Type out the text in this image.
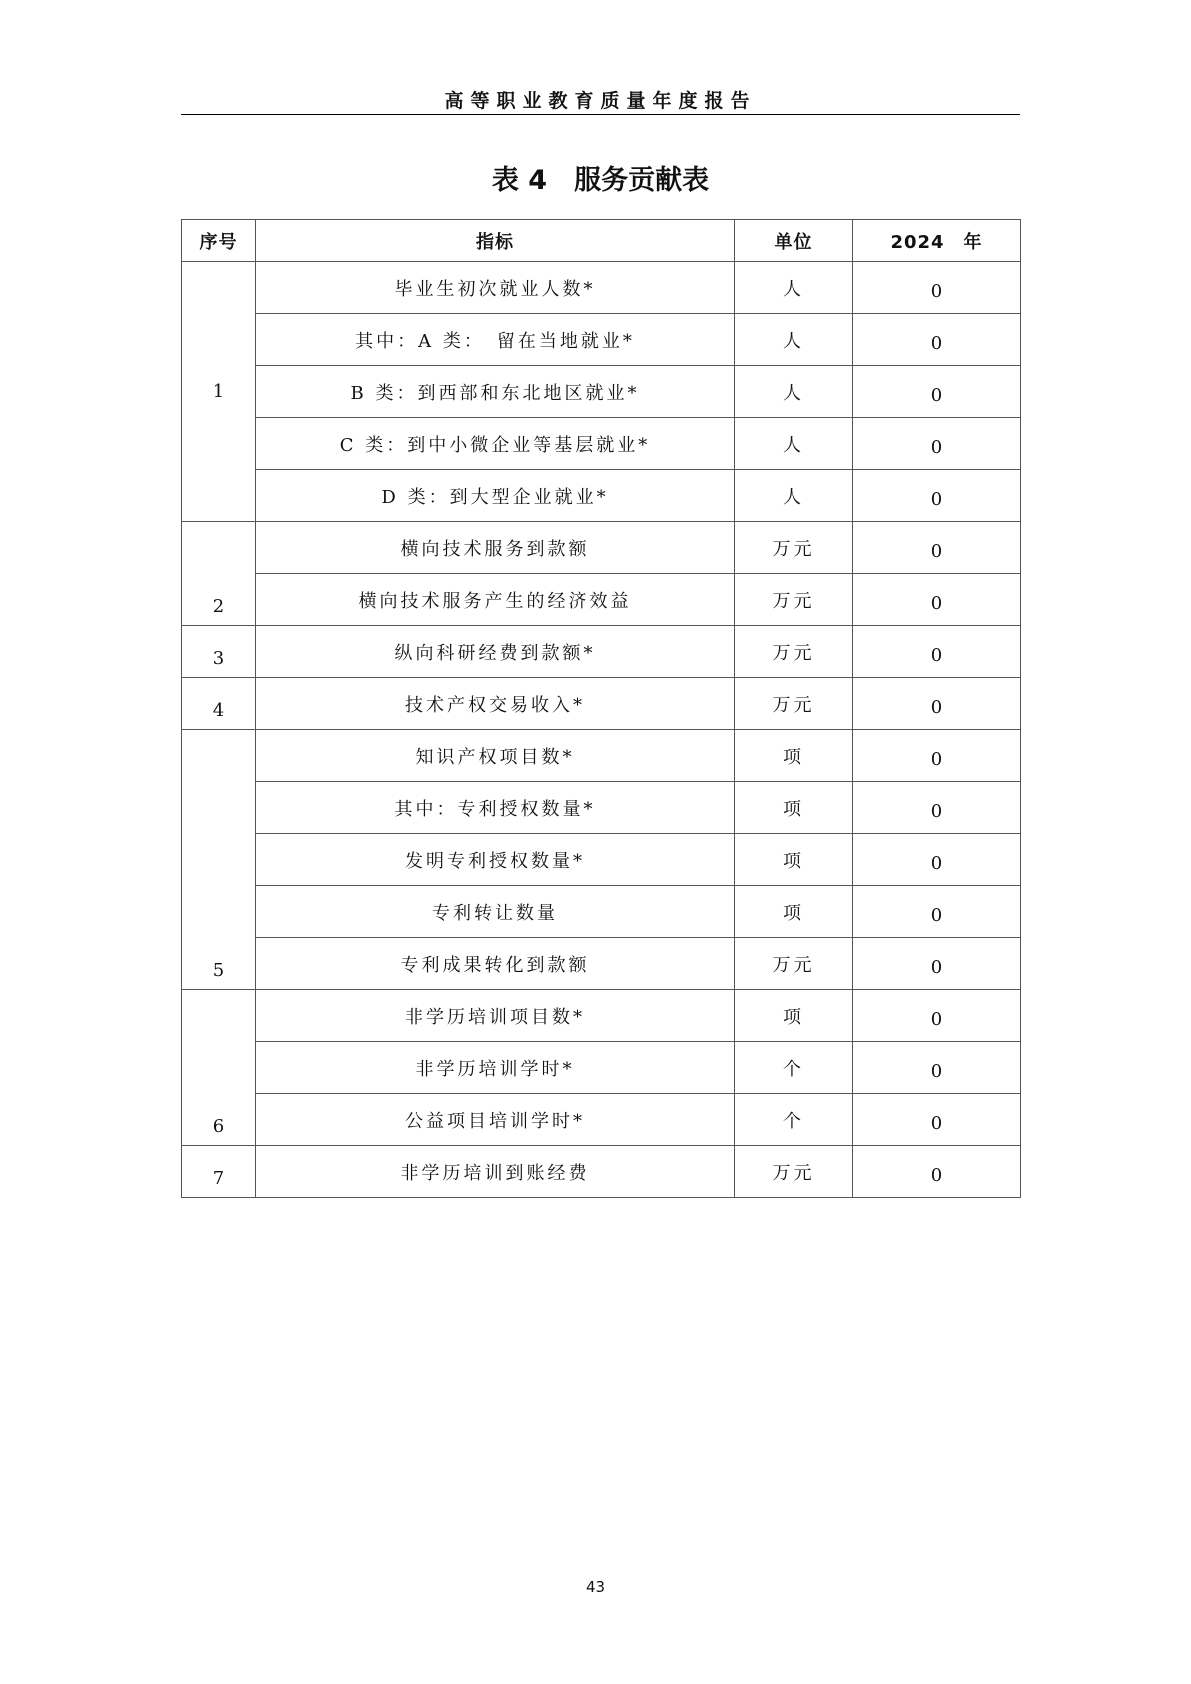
高等职业教育质量年度报告
表 4　服务贡献表
序号	指标	单位	2024　年
1	毕业生初次就业人数*	人	0
	其中：A 类：　留在当地就业*	人	0
	B 类：到西部和东北地区就业*	人	0
	C 类：到中小微企业等基层就业*	人	0
	D 类：到大型企业就业*	人	0
2	横向技术服务到款额	万元	0
	横向技术服务产生的经济效益	万元	0
3	纵向科研经费到款额*	万元	0
4	技术产权交易收入*	万元	0
5	知识产权项目数*	项	0
	其中：专利授权数量*	项	0
	发明专利授权数量*	项	0
	专利转让数量	项	0
	专利成果转化到款额	万元	0
6	非学历培训项目数*	项	0
	非学历培训学时*	个	0
	公益项目培训学时*	个	0
7	非学历培训到账经费	万元	0
43
